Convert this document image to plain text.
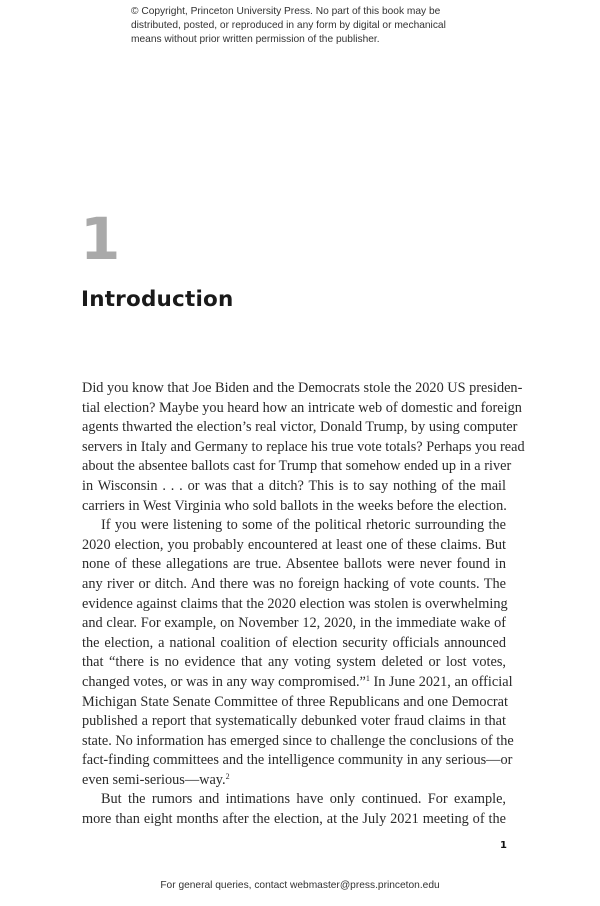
© Copyright, Princeton University Press. No part of this book may be
distributed, posted, or reproduced in any form by digital or mechanical
means without prior written permission of the publisher.
1
Introduction
Did you know that Joe Biden and the Democrats stole the 2020 US presiden-
tial election? Maybe you heard how an intricate web of domestic and foreign
agents thwarted the election’s real victor, Donald Trump, by using computer
servers in Italy and Germany to replace his true vote totals? Perhaps you read
about the absentee ballots cast for Trump that somehow ended up in a river
in Wisconsin . . . or was that a ditch? This is to say nothing of the mail
carriers in West Virginia who sold ballots in the weeks before the election.
If you were listening to some of the political rhetoric surrounding the
2020 election, you probably encountered at least one of these claims. But
none of these allegations are true. Absentee ballots were never found in
any river or ditch. And there was no foreign hacking of vote counts. The
evidence against claims that the 2020 election was stolen is overwhelming
and clear. For example, on November 12, 2020, in the immediate wake of
the election, a national coalition of election security officials announced
that “there is no evidence that any voting system deleted or lost votes,
changed votes, or was in any way compromised.”$^1$ In June 2021, an official
Michigan State Senate Committee of three Republicans and one Democrat
published a report that systematically debunked voter fraud claims in that
state. No information has emerged since to challenge the conclusions of the
fact-finding committees and the intelligence community in any serious—or
even semi-serious—way.$^2$
But the rumors and intimations have only continued. For example,
more than eight months after the election, at the July 2021 meeting of the
1
For general queries, contact webmaster@press.princeton.edu
